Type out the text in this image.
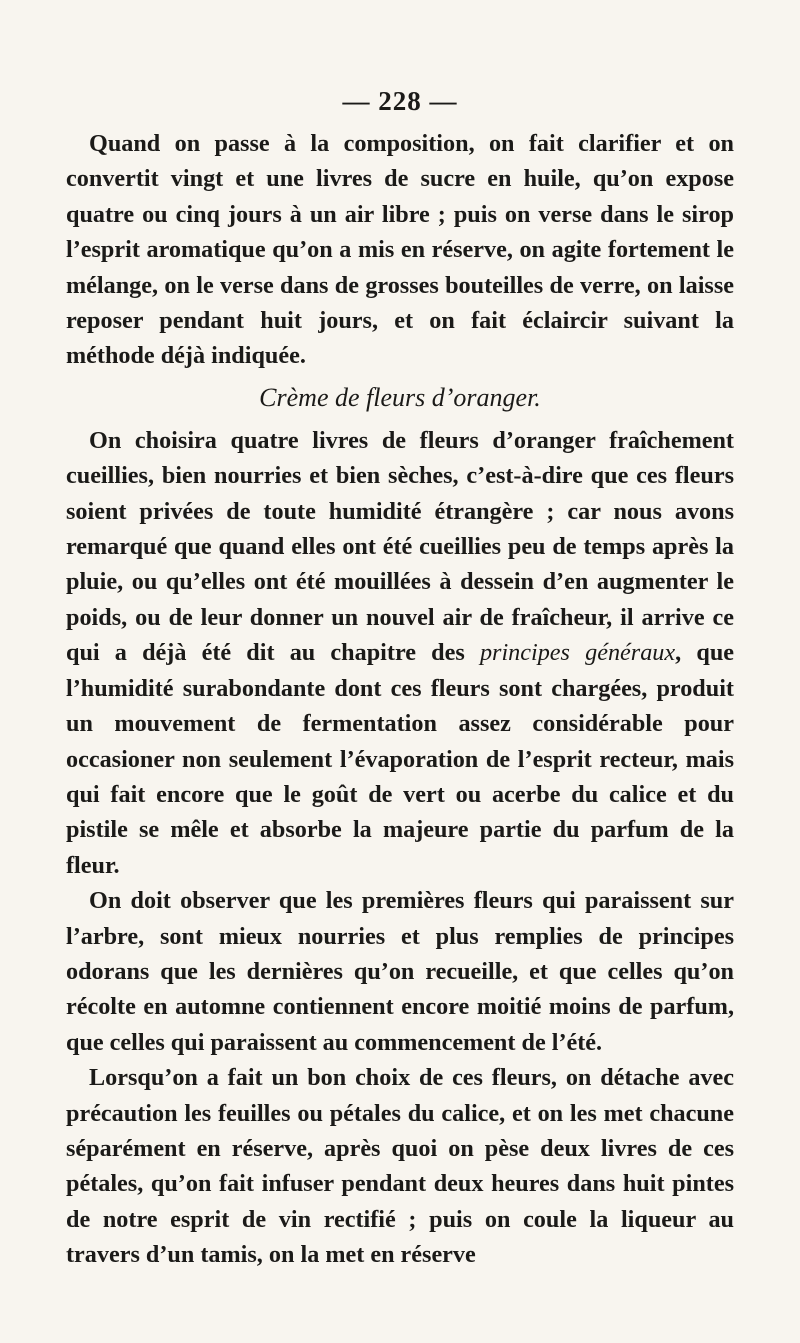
— 228 —

Quand on passe à la composition, on fait clarifier et on convertit vingt et une livres de sucre en huile, qu’on expose quatre ou cinq jours à un air libre ; puis on verse dans le sirop l’esprit aromatique qu’on a mis en réserve, on agite fortement le mélange, on le verse dans de grosses bouteilles de verre, on laisse reposer pendant huit jours, et on fait éclaircir suivant la méthode déjà indiquée.

Crème de fleurs d’oranger.

On choisira quatre livres de fleurs d’oranger fraîchement cueillies, bien nourries et bien sèches, c’est-à-dire que ces fleurs soient privées de toute humidité étrangère ; car nous avons remarqué que quand elles ont été cueillies peu de temps après la pluie, ou qu’elles ont été mouillées à dessein d’en augmenter le poids, ou de leur donner un nouvel air de fraîcheur, il arrive ce qui a déjà été dit au chapitre des principes généraux, que l’humidité surabondante dont ces fleurs sont chargées, produit un mouvement de fermentation assez considérable pour occasioner non seulement l’évaporation de l’esprit recteur, mais qui fait encore que le goût de vert ou acerbe du calice et du pistile se mêle et absorbe la majeure partie du parfum de la fleur.

On doit observer que les premières fleurs qui paraissent sur l’arbre, sont mieux nourries et plus remplies de principes odorans que les dernières qu’on recueille, et que celles qu’on récolte en automne contiennent encore moitié moins de parfum, que celles qui paraissent au commencement de l’été.

Lorsqu’on a fait un bon choix de ces fleurs, on détache avec précaution les feuilles ou pétales du calice, et on les met chacune séparément en réserve, après quoi on pèse deux livres de ces pétales, qu’on fait infuser pendant deux heures dans huit pintes de notre esprit de vin rectifié ; puis on coule la liqueur au travers d’un tamis, on la met en réserve
